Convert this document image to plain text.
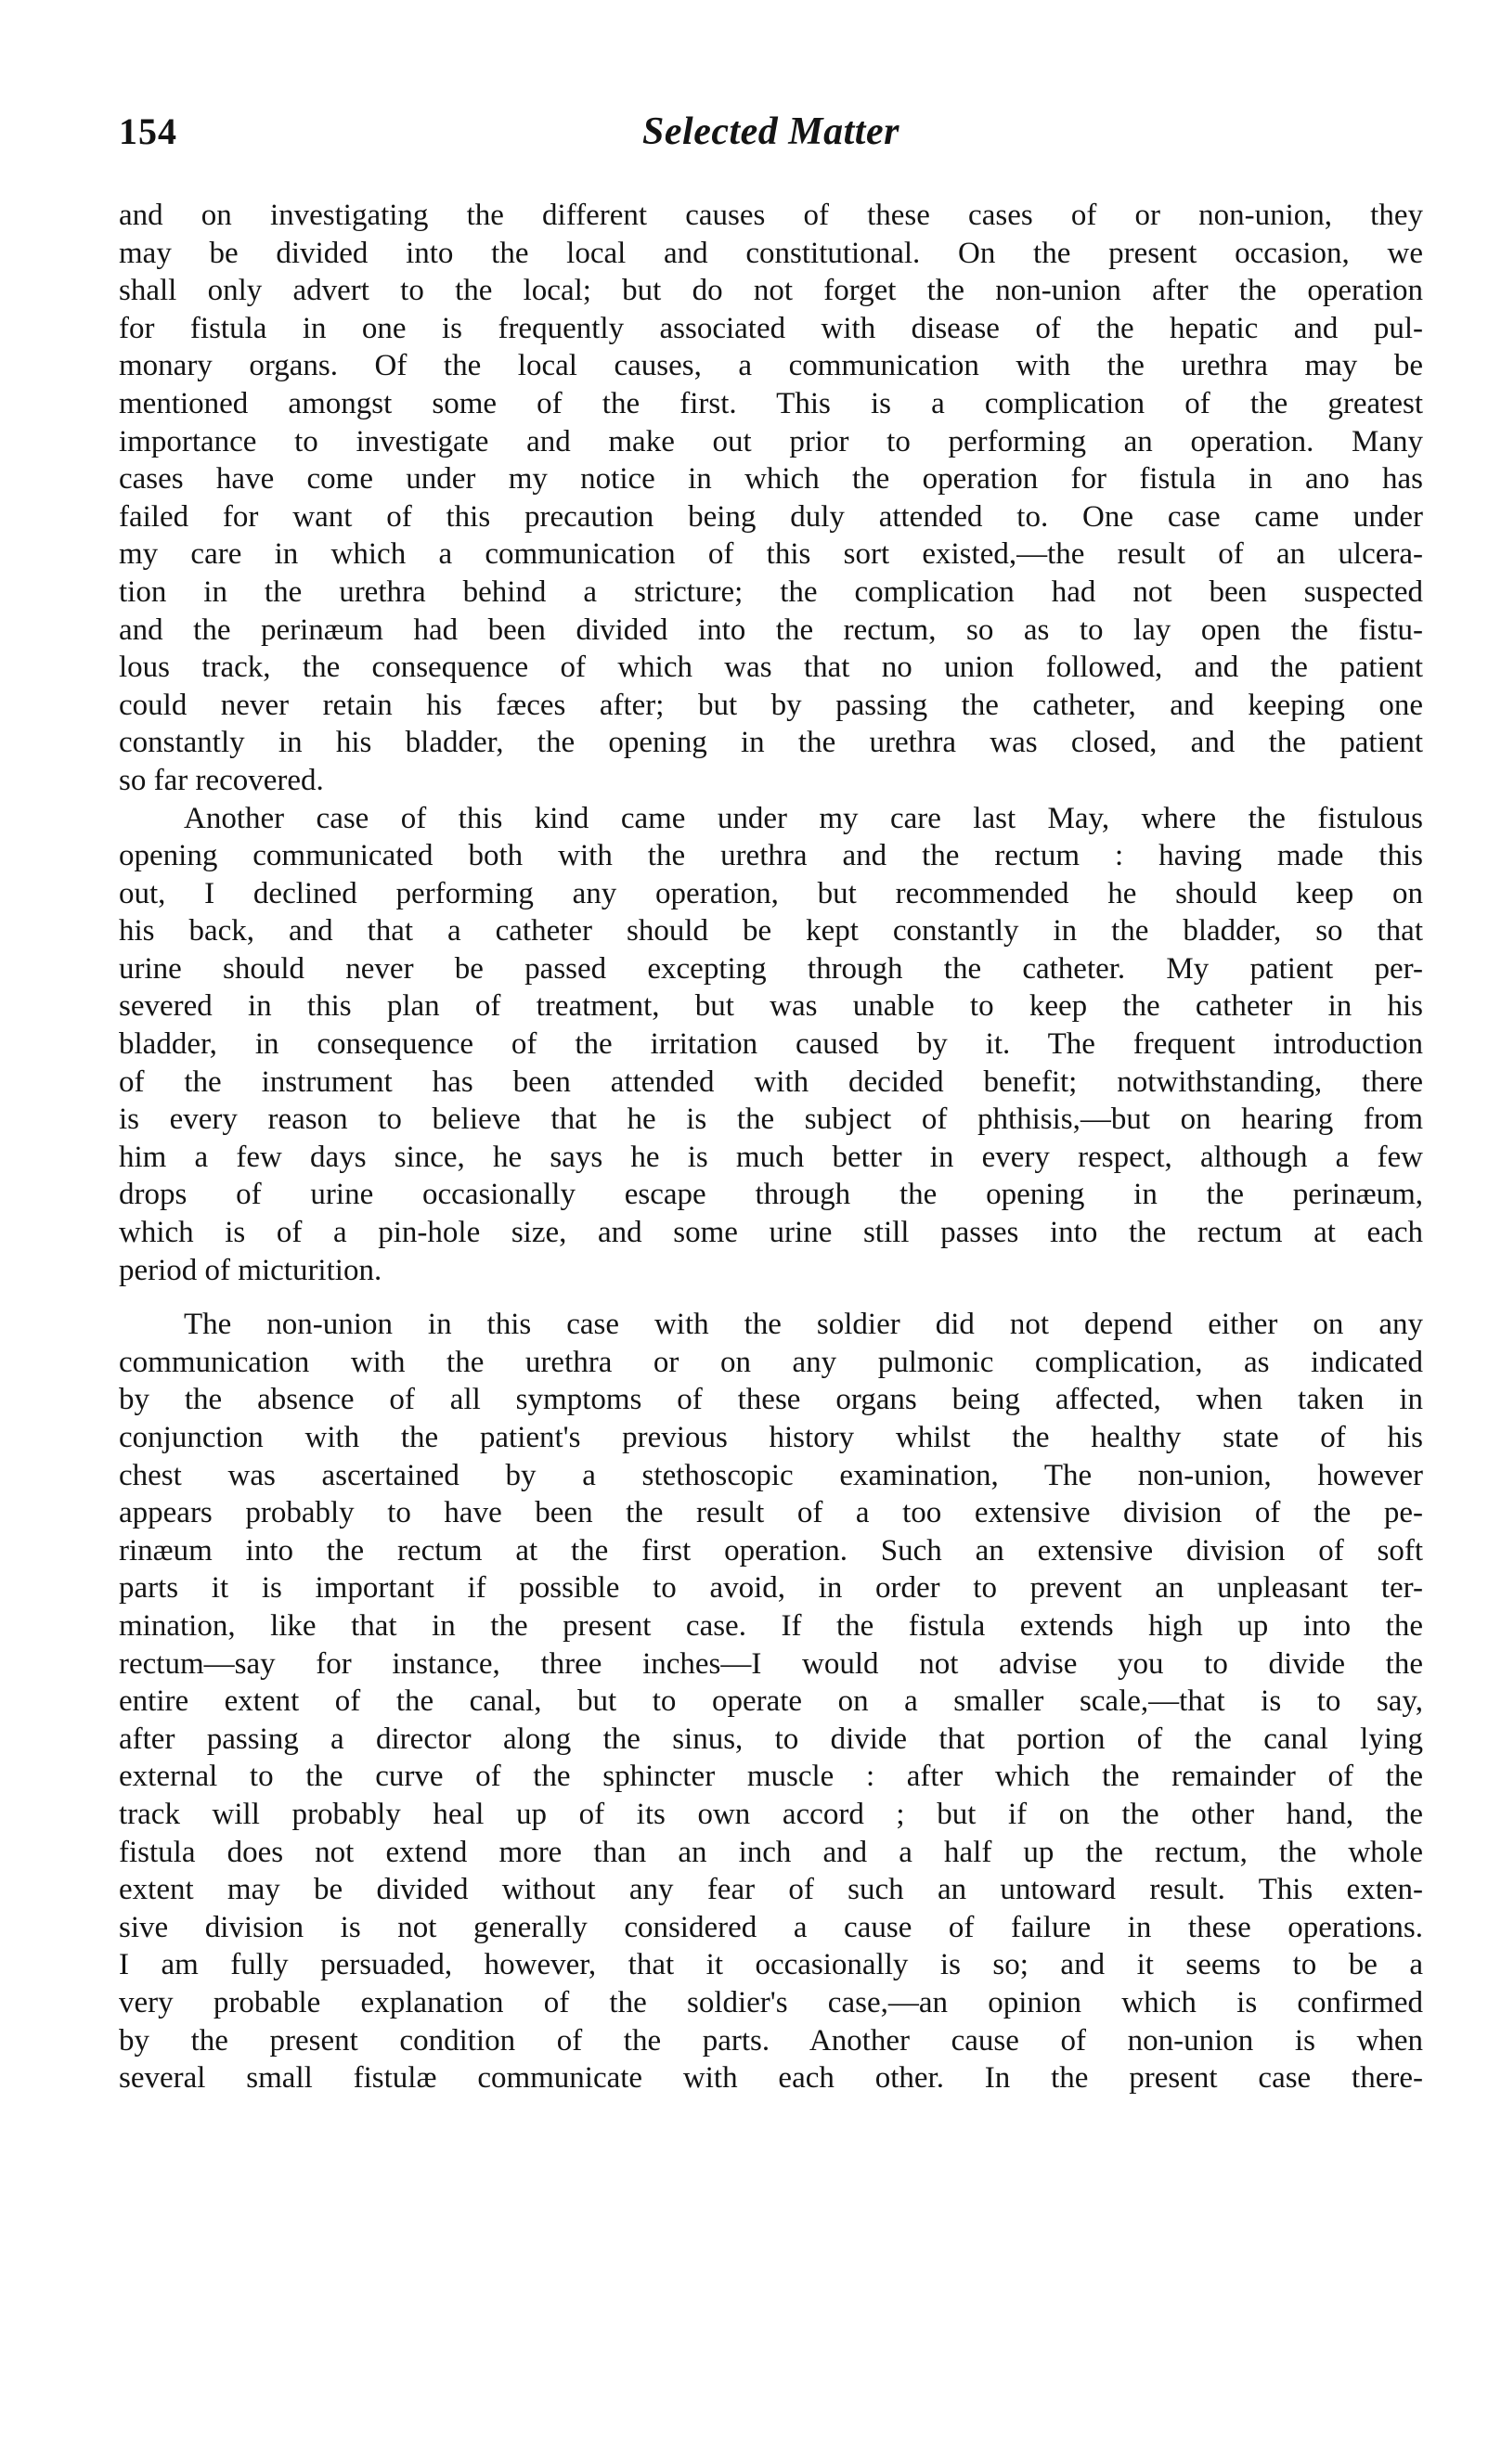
154	Selected Matter
and on investigating the different causes of these cases of or non-union, they
may be divided into the local and constitutional. On the present occasion, we
shall only advert to the local; but do not forget the non-union after the operation
for fistula in one is frequently associated with disease of the hepatic and pul-
monary organs. Of the local causes, a communication with the urethra may be
mentioned amongst some of the first. This is a complication of the greatest
importance to investigate and make out prior to performing an operation. Many
cases have come under my notice in which the operation for fistula in ano has
failed for want of this precaution being duly attended to. One case came under
my care in which a communication of this sort existed,—the result of an ulcera-
tion in the urethra behind a stricture; the complication had not been suspected
and the perinæum had been divided into the rectum, so as to lay open the fistu-
lous track, the consequence of which was that no union followed, and the patient
could never retain his fæces after; but by passing the catheter, and keeping one
constantly in his bladder, the opening in the urethra was closed, and the patient
so far recovered.
Another case of this kind came under my care last May, where the fistulous
opening communicated both with the urethra and the rectum : having made this
out, I declined performing any operation, but recommended he should keep on
his back, and that a catheter should be kept constantly in the bladder, so that
urine should never be passed excepting through the catheter. My patient per-
severed in this plan of treatment, but was unable to keep the catheter in his
bladder, in consequence of the irritation caused by it. The frequent introduction
of the instrument has been attended with decided benefit; notwithstanding, there
is every reason to believe that he is the subject of phthisis,—but on hearing from
him a few days since, he says he is much better in every respect, although a few
drops of urine occasionally escape through the opening in the perinæum,
which is of a pin-hole size, and some urine still passes into the rectum at each
period of micturition.
The non-union in this case with the soldier did not depend either on any
communication with the urethra or on any pulmonic complication, as indicated
by the absence of all symptoms of these organs being affected, when taken in
conjunction with the patient's previous history whilst the healthy state of his
chest was ascertained by a stethoscopic examination, The non-union, however
appears probably to have been the result of a too extensive division of the pe-
rinæum into the rectum at the first operation. Such an extensive division of soft
parts it is important if possible to avoid, in order to prevent an unpleasant ter-
mination, like that in the present case. If the fistula extends high up into the
rectum—say for instance, three inches—I would not advise you to divide the
entire extent of the canal, but to operate on a smaller scale,—that is to say,
after passing a director along the sinus, to divide that portion of the canal lying
external to the curve of the sphincter muscle : after which the remainder of the
track will probably heal up of its own accord ; but if on the other hand, the
fistula does not extend more than an inch and a half up the rectum, the whole
extent may be divided without any fear of such an untoward result. This exten-
sive division is not generally considered a cause of failure in these operations.
I am fully persuaded, however, that it occasionally is so; and it seems to be a
very probable explanation of the soldier's case,—an opinion which is confirmed
by the present condition of the parts. Another cause of non-union is when
several small fistulæ communicate with each other. In the present case there-
